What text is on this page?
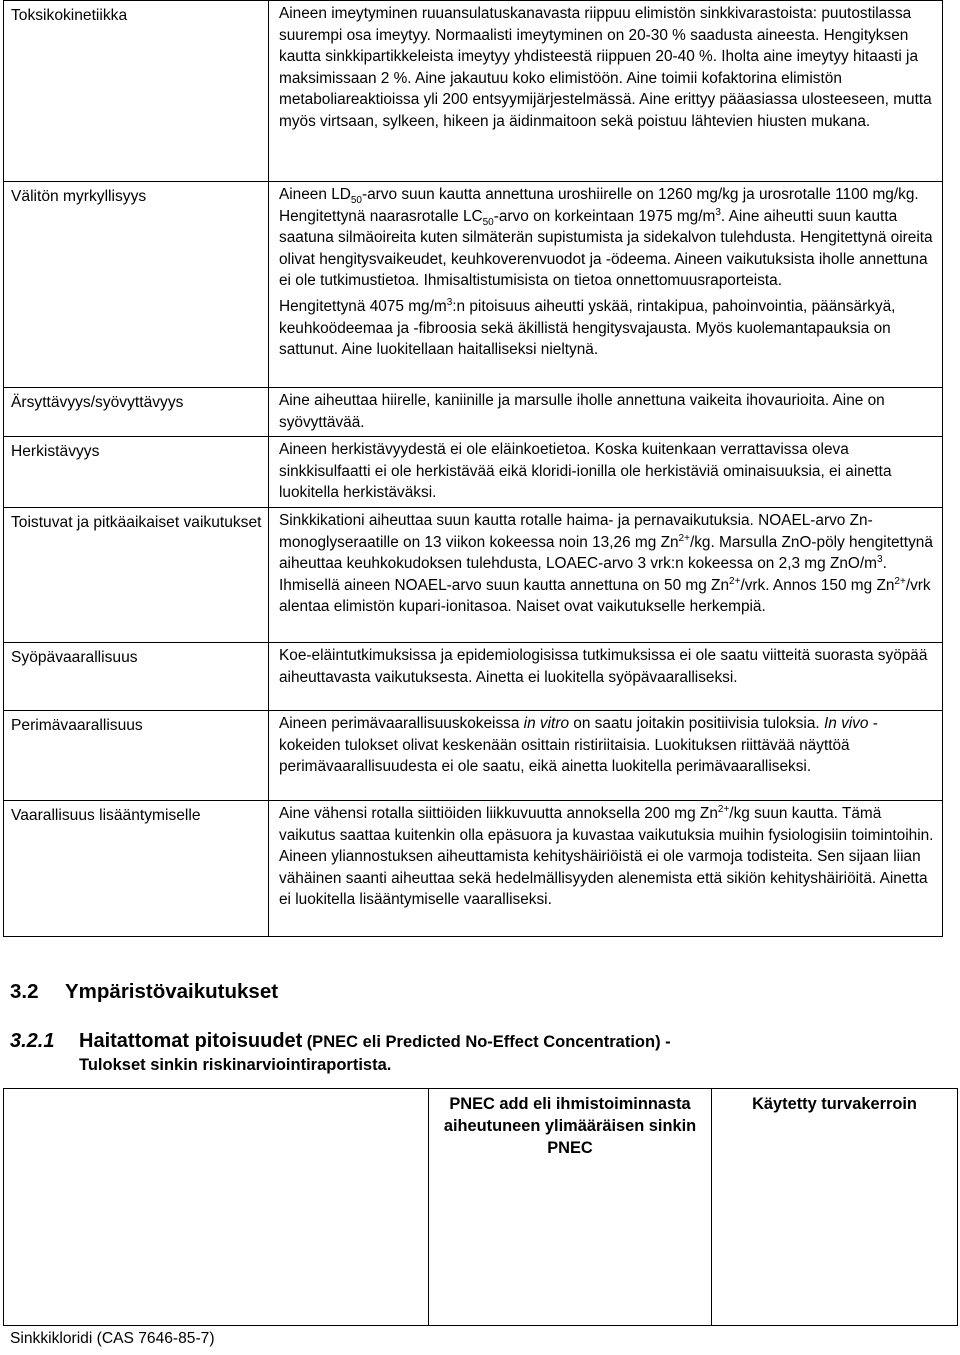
Toksikokinetiikka	Aineen imeytyminen ruuansulatuskanavasta riippuu elimistön sinkkivarastoista: puutostilassa suurempi osa imeytyy. Normaalisti imeytyminen on 20-30 % saadusta aineesta. Hengityksen kautta sinkkipartikkeleista imeytyy yhdisteestä riippuen 20-40 %. Iholta aine imeytyy hitaasti ja maksimissaan 2 %. Aine jakautuu koko elimistöön. Aine toimii kofaktorina elimistön metaboliareaktioissa yli 200 entsyymijärjestelmässä. Aine erittyy pääasiassa ulosteeseen, mutta myös virtsaan, sylkeen, hikeen ja äidinmaitoon sekä poistuu lähtevien hiusten mukana.
Välitön myrkyllisyys	Aineen $LD_{50}$-arvo suun kautta annettuna uroshiirelle on 1260 mg/kg ja urosrotalle 1100 mg/kg. Hengitettynä naarasrotalle $LC_{50}$-arvo on korkeintaan 1975 $mg/m^3$. Aine aiheutti suun kautta saatuna silmäoireita kuten silmäterän supistumista ja sidekalvon tulehdusta. Hengitettynä oireita olivat hengitysvaikeudet, keuhkoverenvuodot ja -ödeema. Aineen vaikutuksista iholle annettuna ei ole tutkimustietoa. Ihmisaltistumisista on tietoa onnettomuusraporteista.
Hengitettynä 4075 $mg/m^3:n$ pitoisuus aiheutti yskää, rintakipua, pahoinvointia, päänsärkyä, keuhkoödeemaa ja -fibroosia sekä äkillistä hengitysvajausta. Myös kuolemantapauksia on sattunut. Aine luokitellaan haitalliseksi nieltynä.

Ärsyttävyys/syövyttävyys	Aine aiheuttaa hiirelle, kaniinille ja marsulle iholle annettuna vaikeita ihovaurioita. Aine on syövyttävää.
Herkistävyys	Aineen herkistävyydestä ei ole eläinkoetietoa. Koska kuitenkaan verrattavissa oleva sinkkisulfaatti ei ole herkistävää eikä kloridi-ionilla ole herkistäviä ominaisuuksia, ei ainetta luokitella herkistäväksi.
Toistuvat ja pitkäaikaiset vaikutukset	Sinkkikationi aiheuttaa suun kautta rotalle haima- ja pernavaikutuksia. NOAEL-arvo Zn-monoglyseraatille on 13 viikon kokeessa noin 13,26 mg $Zn^{2+}/kg$. Marsulla ZnO-pöly hengitettynä aiheuttaa keuhkokudoksen tulehdusta, LOAEC-arvo 3 vrk:n kokeessa on 2,3 mg ZnO/$m^3$. Ihmisellä aineen NOAEL-arvo suun kautta annettuna on 50 mg $Zn^{2+}$/vrk. Annos 150 mg $Zn^{2+}$/vrk alentaa elimistön kupari-ionitasoa. Naiset ovat vaikutukselle herkempiä.
Syöpävaarallisuus	Koe-eläintutkimuksissa ja epidemiologisissa tutkimuksissa ei ole saatu viitteitä suorasta syöpää aiheuttavasta vaikutuksesta. Ainetta ei luokitella syöpävaaralliseksi.
Perimävaarallisuus	Aineen perimävaarallisuuskokeissa in vitro on saatu joitakin positiivisia tuloksia. In vivo -kokeiden tulokset olivat keskenään osittain ristiriitaisia. Luokituksen riittävää näyttöä perimävaarallisuudesta ei ole saatu, eikä ainetta luokitella perimävaaralliseksi.
Vaarallisuus lisääntymiselle	Aine vähensi rotalla siittiöiden liikkuvuutta annoksella 200 mg $Zn^{2+}/kg$ suun kautta. Tämä vaikutus saattaa kuitenkin olla epäsuora ja kuvastaa vaikutuksia muihin fysiologisiin toimintoihin. Aineen yliannostuksen aiheuttamista kehityshäiriöistä ei ole varmoja todisteita. Sen sijaan liian vähäinen saanti aiheuttaa sekä hedelmällisyyden alenemista että sikiön kehityshäiriöitä. Ainetta ei luokitella lisääntymiselle vaaralliseksi.
3.2 Ympäristövaikutukset
3.2.1 Haitattomat pitoisuudet (PNEC eli Predicted No-Effect Concentration) -
Tulokset sinkin riskinarviointiraportista.
	PNEC add eli ihmistoiminnasta aiheutuneen ylimääräisen sinkin PNEC	Käytetty turvakerroin
Sinkkikloridi (CAS 7646-85-7)
